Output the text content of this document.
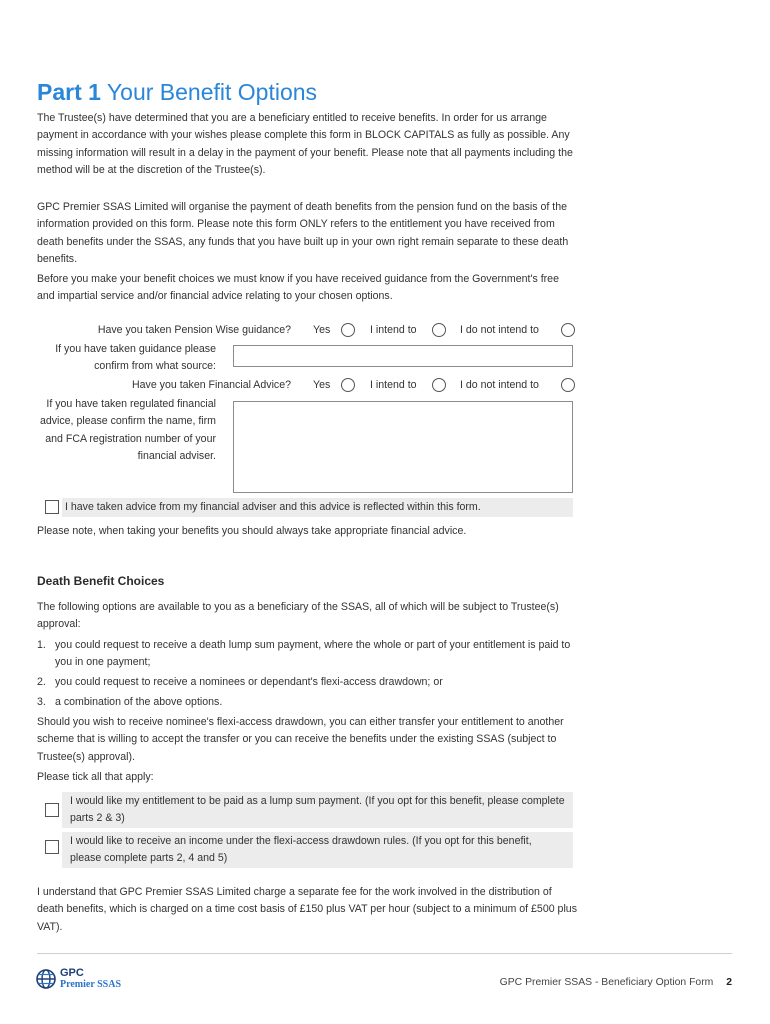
Part 1 Your Benefit Options

The Trustee(s) have determined that you are a beneficiary entitled to receive benefits. In order for us arrange payment in accordance with your wishes please complete this form in BLOCK CAPITALS as fully as possible. Any missing information will result in a delay in the payment of your benefit. Please note that all payments including the method will be at the discretion of the Trustee(s).

GPC Premier SSAS Limited will organise the payment of death benefits from the pension fund on the basis of the information provided on this form. Please note this form ONLY refers to the entitlement you have received from death benefits under the SSAS, any funds that you have built up in your own right remain separate to these death benefits.

Before you make your benefit choices we must know if you have received guidance from the Government's free and impartial service and/or financial advice relating to your chosen options.

Have you taken Pension Wise guidance? Yes	I intend to	I do not intend to
If you have taken guidance please confirm from what source:
Have you taken Financial Advice? Yes	I intend to	I do not intend to
If you have taken regulated financial advice, please confirm the name, firm and FCA registration number of your financial adviser.
I have taken advice from my financial adviser and this advice is reflected within this form.

Please note, when taking your benefits you should always take appropriate financial advice.

Death Benefit Choices

The following options are available to you as a beneficiary of the SSAS, all of which will be subject to Trustee(s) approval:

1. you could request to receive a death lump sum payment, where the whole or part of your entitlement is paid to you in one payment;
2. you could request to receive a nominees or dependant's flexi-access drawdown; or
3. a combination of the above options.

Should you wish to receive nominee's flexi-access drawdown, you can either transfer your entitlement to another scheme that is willing to accept the transfer or you can receive the benefits under the existing SSAS (subject to Trustee(s) approval).

Please tick all that apply:

I would like my entitlement to be paid as a lump sum payment. (If you opt for this benefit, please complete parts 2 & 3)
I would like to receive an income under the flexi-access drawdown rules. (If you opt for this benefit, please complete parts 2, 4 and 5)

I understand that GPC Premier SSAS Limited charge a separate fee for the work involved in the distribution of death benefits, which is charged on a time cost basis of £150 plus VAT per hour (subject to a minimum of £500 plus VAT).

GPC
Premier SSAS	GPC Premier SSAS - Beneficiary Option Form 2
